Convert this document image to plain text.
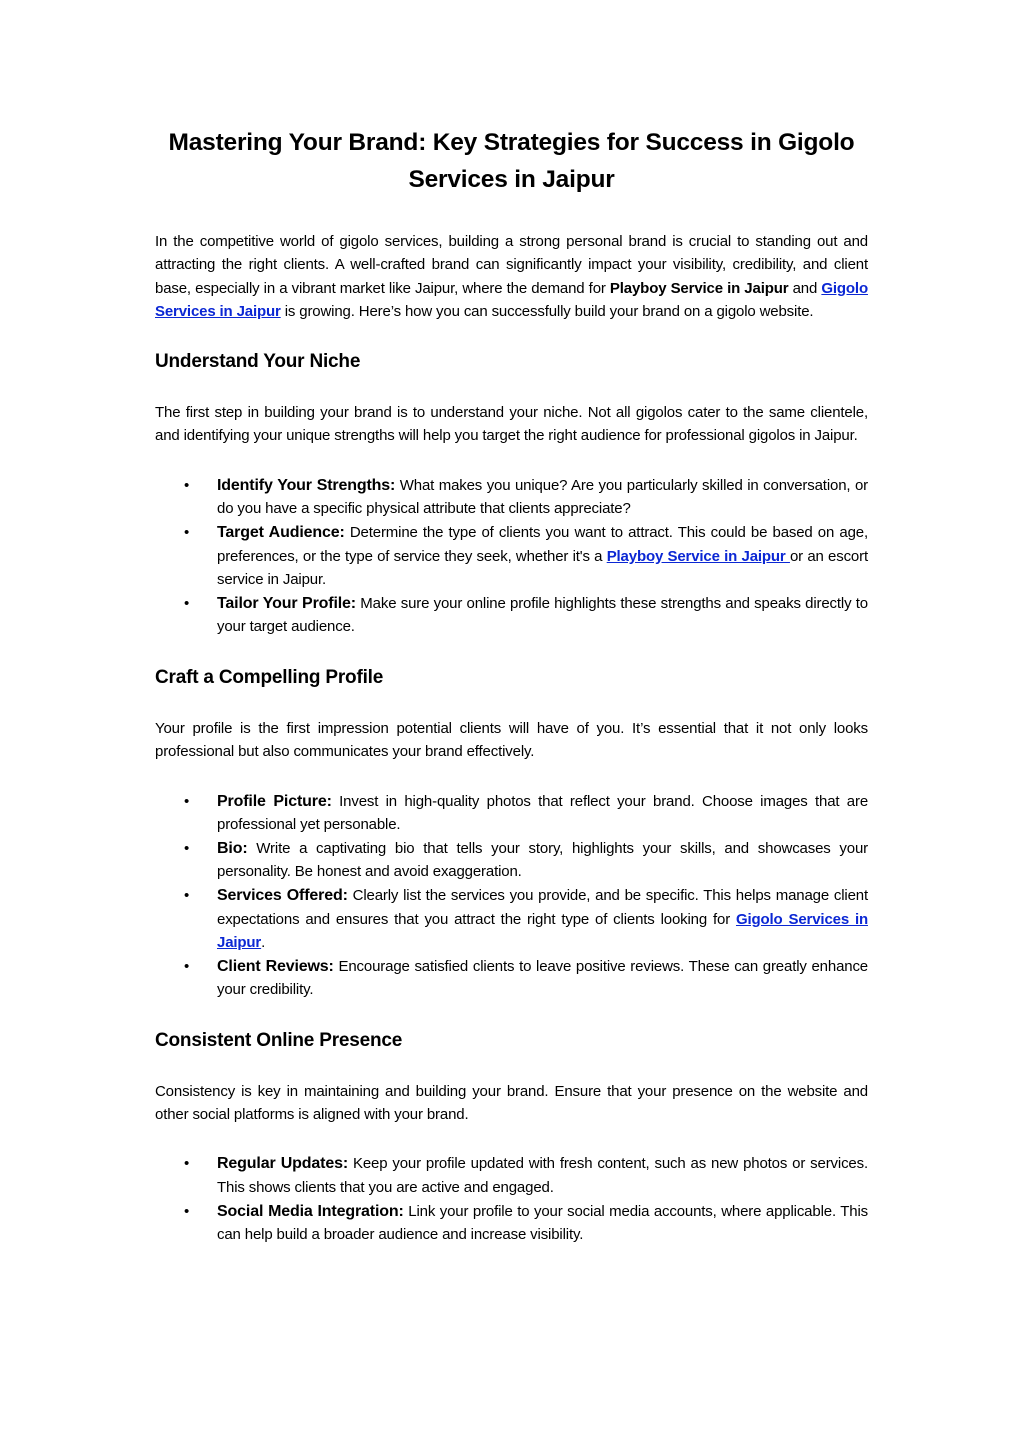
Mastering Your Brand: Key Strategies for Success in Gigolo Services in Jaipur

In the competitive world of gigolo services, building a strong personal brand is crucial to standing out and attracting the right clients. A well-crafted brand can significantly impact your visibility, credibility, and client base, especially in a vibrant market like Jaipur, where the demand for Playboy Service in Jaipur and Gigolo Services in Jaipur is growing. Here’s how you can successfully build your brand on a gigolo website.

Understand Your Niche

The first step in building your brand is to understand your niche. Not all gigolos cater to the same clientele, and identifying your unique strengths will help you target the right audience for professional gigolos in Jaipur.

• Identify Your Strengths: What makes you unique? Are you particularly skilled in conversation, or do you have a specific physical attribute that clients appreciate?
• Target Audience: Determine the type of clients you want to attract. This could be based on age, preferences, or the type of service they seek, whether it's a Playboy Service in Jaipur or an escort service in Jaipur.
• Tailor Your Profile: Make sure your online profile highlights these strengths and speaks directly to your target audience.
Craft a Compelling Profile

Your profile is the first impression potential clients will have of you. It’s essential that it not only looks professional but also communicates your brand effectively.

• Profile Picture: Invest in high-quality photos that reflect your brand. Choose images that are professional yet personable.
• Bio: Write a captivating bio that tells your story, highlights your skills, and showcases your personality. Be honest and avoid exaggeration.
• Services Offered: Clearly list the services you provide, and be specific. This helps manage client expectations and ensures that you attract the right type of clients looking for Gigolo Services in Jaipur.
• Client Reviews: Encourage satisfied clients to leave positive reviews. These can greatly enhance your credibility.
Consistent Online Presence

Consistency is key in maintaining and building your brand. Ensure that your presence on the website and other social platforms is aligned with your brand.

• Regular Updates: Keep your profile updated with fresh content, such as new photos or services. This shows clients that you are active and engaged.
• Social Media Integration: Link your profile to your social media accounts, where applicable. This can help build a broader audience and increase visibility.
